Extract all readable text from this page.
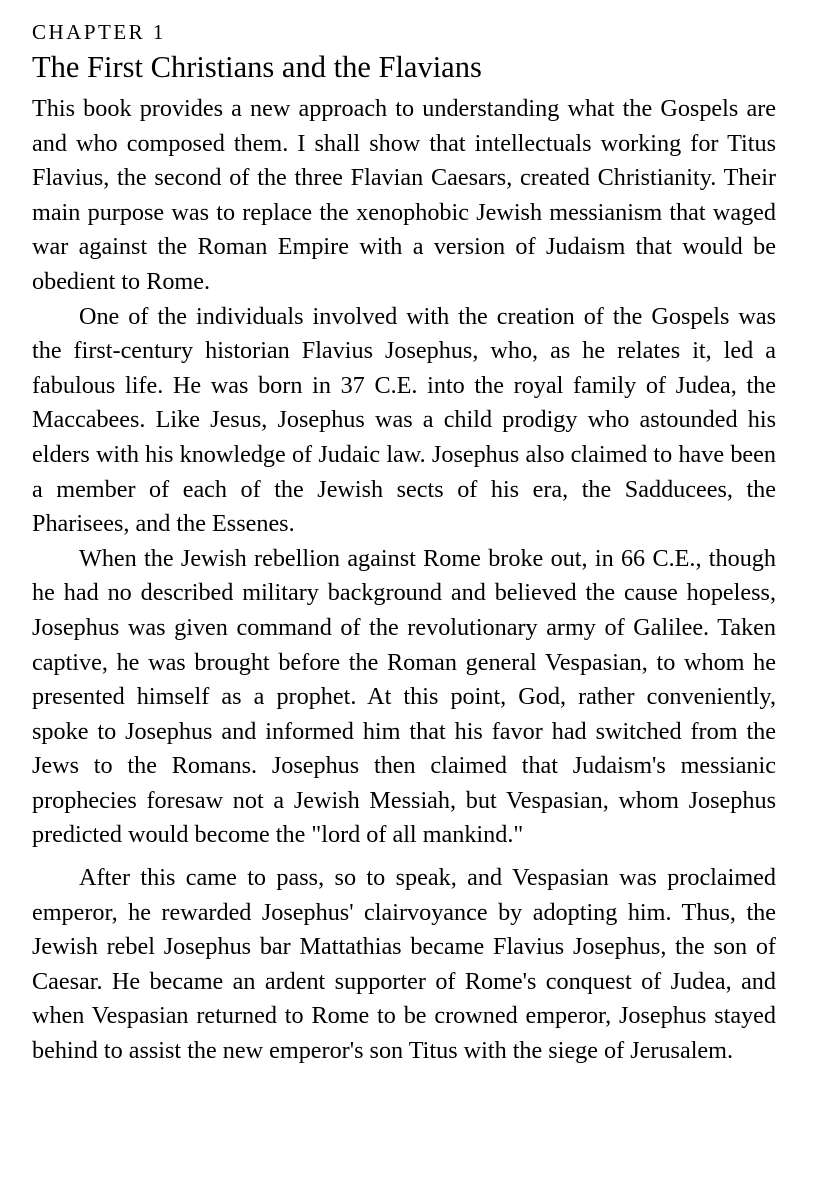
CHAPTER 1
The First Christians and the Flavians

This book provides a new approach to understanding what the Gospels are and who composed them. I shall show that intellectuals working for Titus Flavius, the second of the three Flavian Caesars, created Christianity. Their main purpose was to replace the xenophobic Jewish messianism that waged war against the Roman Empire with a version of Judaism that would be obedient to Rome.

One of the individuals involved with the creation of the Gospels was the first-century historian Flavius Josephus, who, as he relates it, led a fabulous life. He was born in 37 C.E. into the royal family of Judea, the Maccabees. Like Jesus, Josephus was a child prodigy who astounded his elders with his knowledge of Judaic law. Josephus also claimed to have been a member of each of the Jewish sects of his era, the Sadducees, the Pharisees, and the Essenes.

When the Jewish rebellion against Rome broke out, in 66 C.E., though he had no described military background and believed the cause hopeless, Josephus was given command of the revolutionary army of Galilee. Taken captive, he was brought before the Roman general Vespasian, to whom he presented himself as a prophet. At this point, God, rather conveniently, spoke to Josephus and informed him that his favor had switched from the Jews to the Romans. Josephus then claimed that Judaism's messianic prophecies foresaw not a Jewish Messiah, but Vespasian, whom Josephus predicted would become the "lord of all mankind."

After this came to pass, so to speak, and Vespasian was proclaimed emperor, he rewarded Josephus' clairvoyance by adopting him. Thus, the Jewish rebel Josephus bar Mattathias became Flavius Josephus, the son of Caesar. He became an ardent supporter of Rome's conquest of Judea, and when Vespasian returned to Rome to be crowned emperor, Josephus stayed behind to assist the new emperor's son Titus with the siege of Jerusalem.
